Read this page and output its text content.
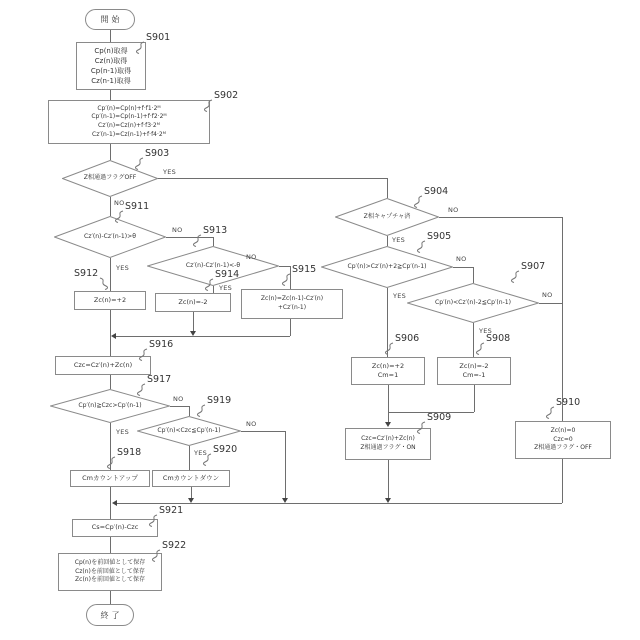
開始
終了
Cp(n)取得
Cz(n)取得
Cp(n-1)取得
Cz(n-1)取得
Cp′(n)=Cp(n)+f·f1·2ᴹ
Cp′(n-1)=Cp(n-1)+f·f2·2ᴹ
Cz′(n)=Cz(n)+f·f3·2ᴹ
Cz′(n-1)=Cz(n-1)+f·f4·2ᴹ
Zc(n)=+2	Zc(n)=-2	Zc(n)=Zc(n-1)-Cz′(n)
+Cz′(n-1)
Czc=Cz′(n)+Zc(n)
Cmカウントアップ	Cmカウントダウン
Cs=Cp′(n)-Czc
Cp(n)を前回値として保存
Cz(n)を前回値として保存
Zc(n)を前回値として保存
Zc(n)=+2
Cm=1
Zc(n)=-2
Cm=-1
Czc=Cz′(n)+Zc(n)
Z相通過フラグ・ON
Zc(n)=0
Czc=0
Z相通過フラグ・OFF
Z相通過フラグOFF
Cz′(n)-Cz′(n-1)>θ
Cz′(n)-Cz′(n-1)<-θ
Cp′(n)≧Czc>Cp′(n-1)
Cp′(n)<Czc≦Cp′(n-1)
Z相キャプチャ済
Cp′(n)>Cz′(n)+2≧Cp′(n-1)
Cp′(n)<Cz′(n)-2≦Cp′(n-1)
YES
NO
NO
YES
YES
NO
YES
NO
YES
NO
YES
NO
YES
NO
YES
NO
S901
S902
S903
S904
S905
S906
S907
S908
S909
S910
S911
S912
S913
S914	S915
S916
S917
S918
S919
S920
S921
S922
